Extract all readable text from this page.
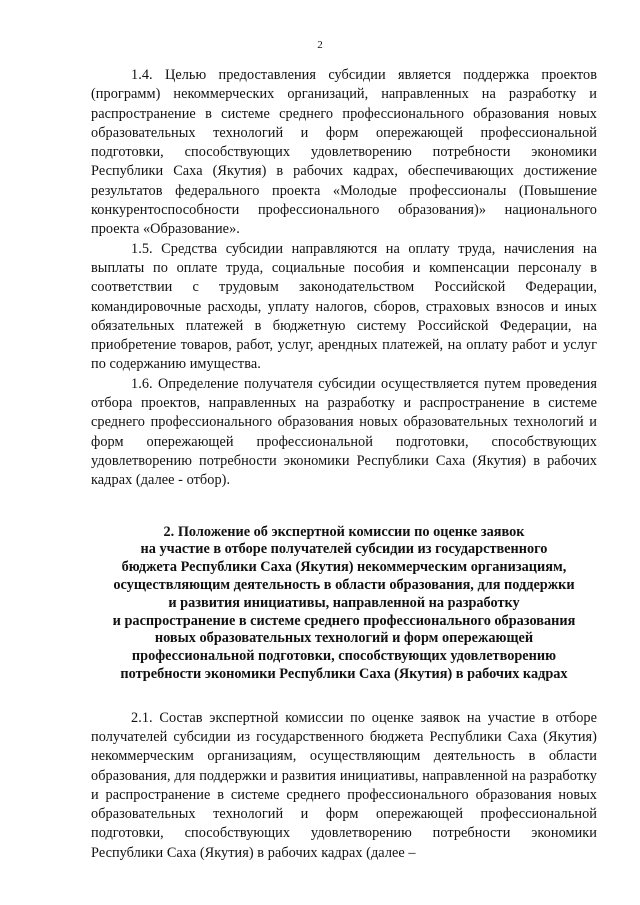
2

1.4. Целью предоставления субсидии является поддержка проектов (программ) некоммерческих организаций, направленных на разработку и распространение в системе среднего профессионального образования новых образовательных технологий и форм опережающей профессиональной подготовки, способствующих удовлетворению потребности экономики Республики Саха (Якутия) в рабочих кадрах, обеспечивающих достижение результатов федерального проекта «Молодые профессионалы (Повышение конкурентоспособности профессионального образования)» национального проекта «Образование».

1.5. Средства субсидии направляются на оплату труда, начисления на выплаты по оплате труда, социальные пособия и компенсации персоналу в соответствии с трудовым законодательством Российской Федерации, командировочные расходы, уплату налогов, сборов, страховых взносов и иных обязательных платежей в бюджетную систему Российской Федерации, на приобретение товаров, работ, услуг, арендных платежей, на оплату работ и услуг по содержанию имущества.

1.6. Определение получателя субсидии осуществляется путем проведения отбора проектов, направленных на разработку и распространение в системе среднего профессионального образования новых образовательных технологий и форм опережающей профессиональной подготовки, способствующих удовлетворению потребности экономики Республики Саха (Якутия) в рабочих кадрах (далее - отбор).

2. Положение об экспертной комиссии по оценке заявок
на участие в отборе получателей субсидии из государственного
бюджета Республики Саха (Якутия) некоммерческим организациям,
осуществляющим деятельность в области образования, для поддержки
и развития инициативы, направленной на разработку
и распространение в системе среднего профессионального образования
новых образовательных технологий и форм опережающей
профессиональной подготовки, способствующих удовлетворению
потребности экономики Республики Саха (Якутия) в рабочих кадрах

2.1. Состав экспертной комиссии по оценке заявок на участие в отборе получателей субсидии из государственного бюджета Республики Саха (Якутия) некоммерческим организациям, осуществляющим деятельность в области образования, для поддержки и развития инициативы, направленной на разработку и распространение в системе среднего профессионального образования новых образовательных технологий и форм опережающей профессиональной подготовки, способствующих удовлетворению потребности экономики Республики Саха (Якутия) в рабочих кадрах (далее –
